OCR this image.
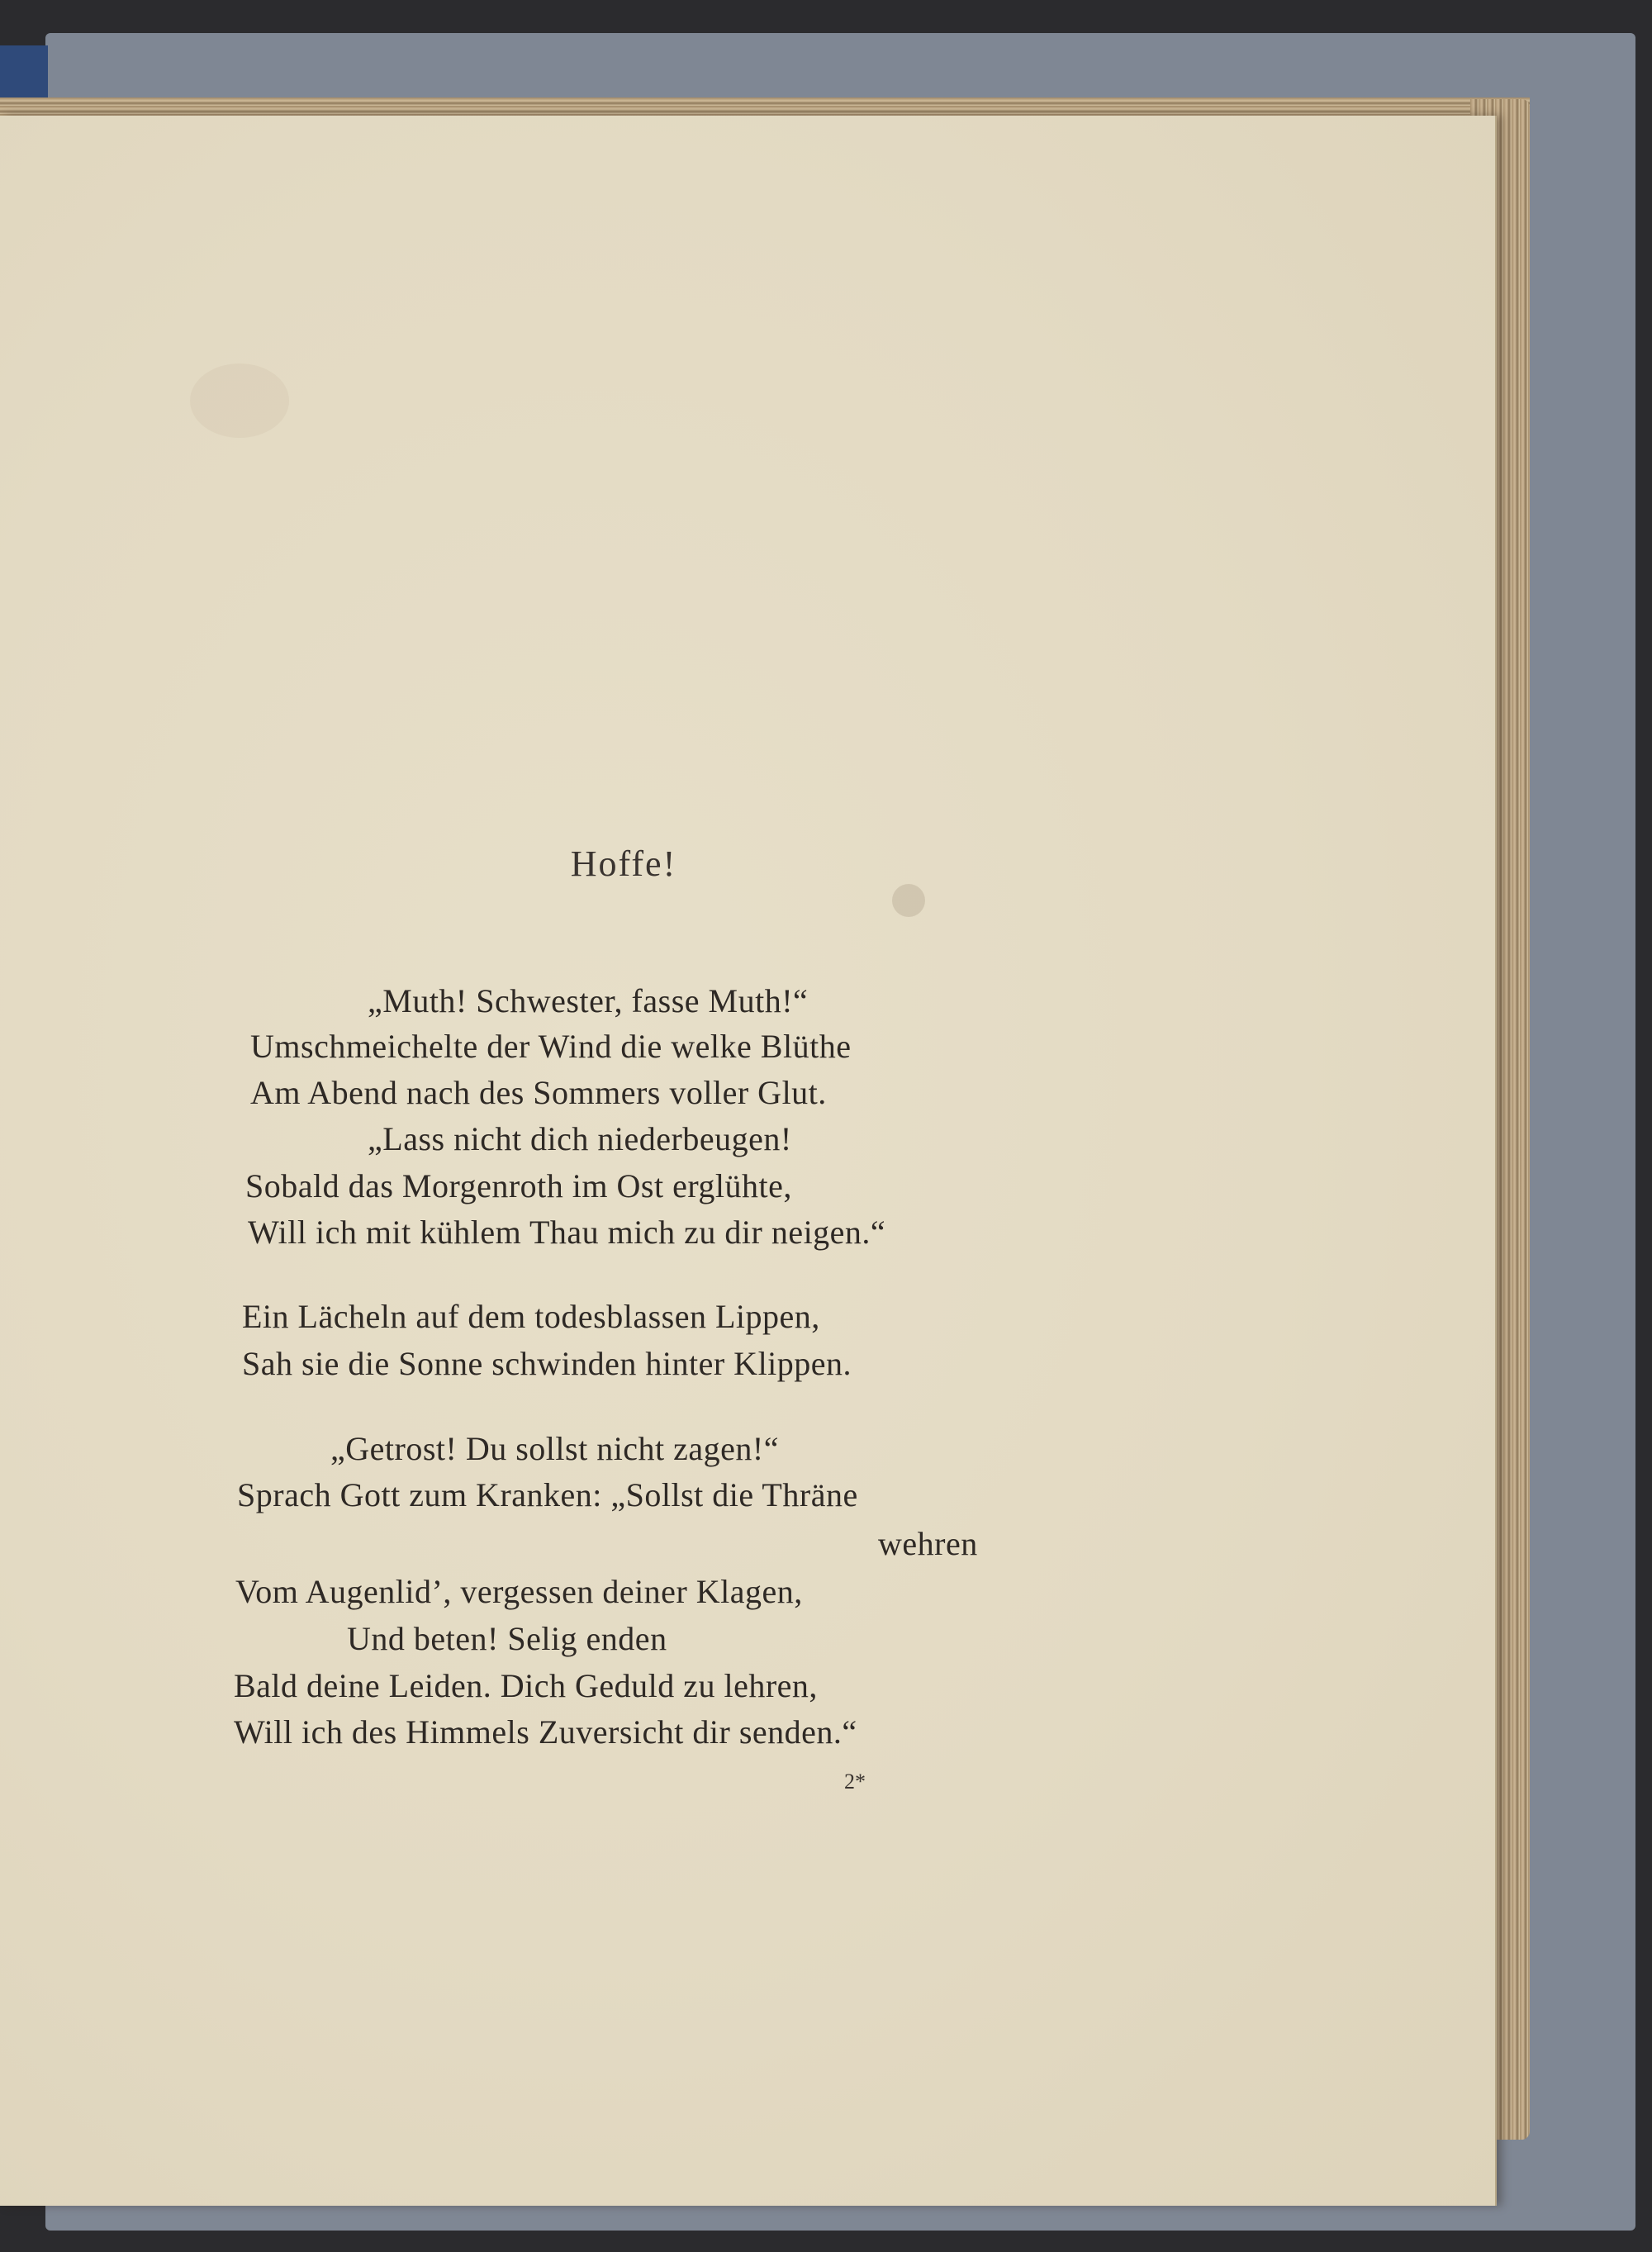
Hoffe!
„Muth! Schwester, fasse Muth!“
Umschmeichelte der Wind die welke Blüthe
Am Abend nach des Sommers voller Glut.
„Lass nicht dich niederbeugen!
Sobald das Morgenroth im Ost erglühte,
Will ich mit kühlem Thau mich zu dir neigen.“
Ein Lächeln auf dem todesblassen Lippen,
Sah sie die Sonne schwinden hinter Klippen.
„Getrost! Du sollst nicht zagen!“
Sprach Gott zum Kranken: „Sollst die Thräne
wehren
Vom Augenlid’, vergessen deiner Klagen,
Und beten! Selig enden
Bald deine Leiden. Dich Geduld zu lehren,
Will ich des Himmels Zuversicht dir senden.“
2*
